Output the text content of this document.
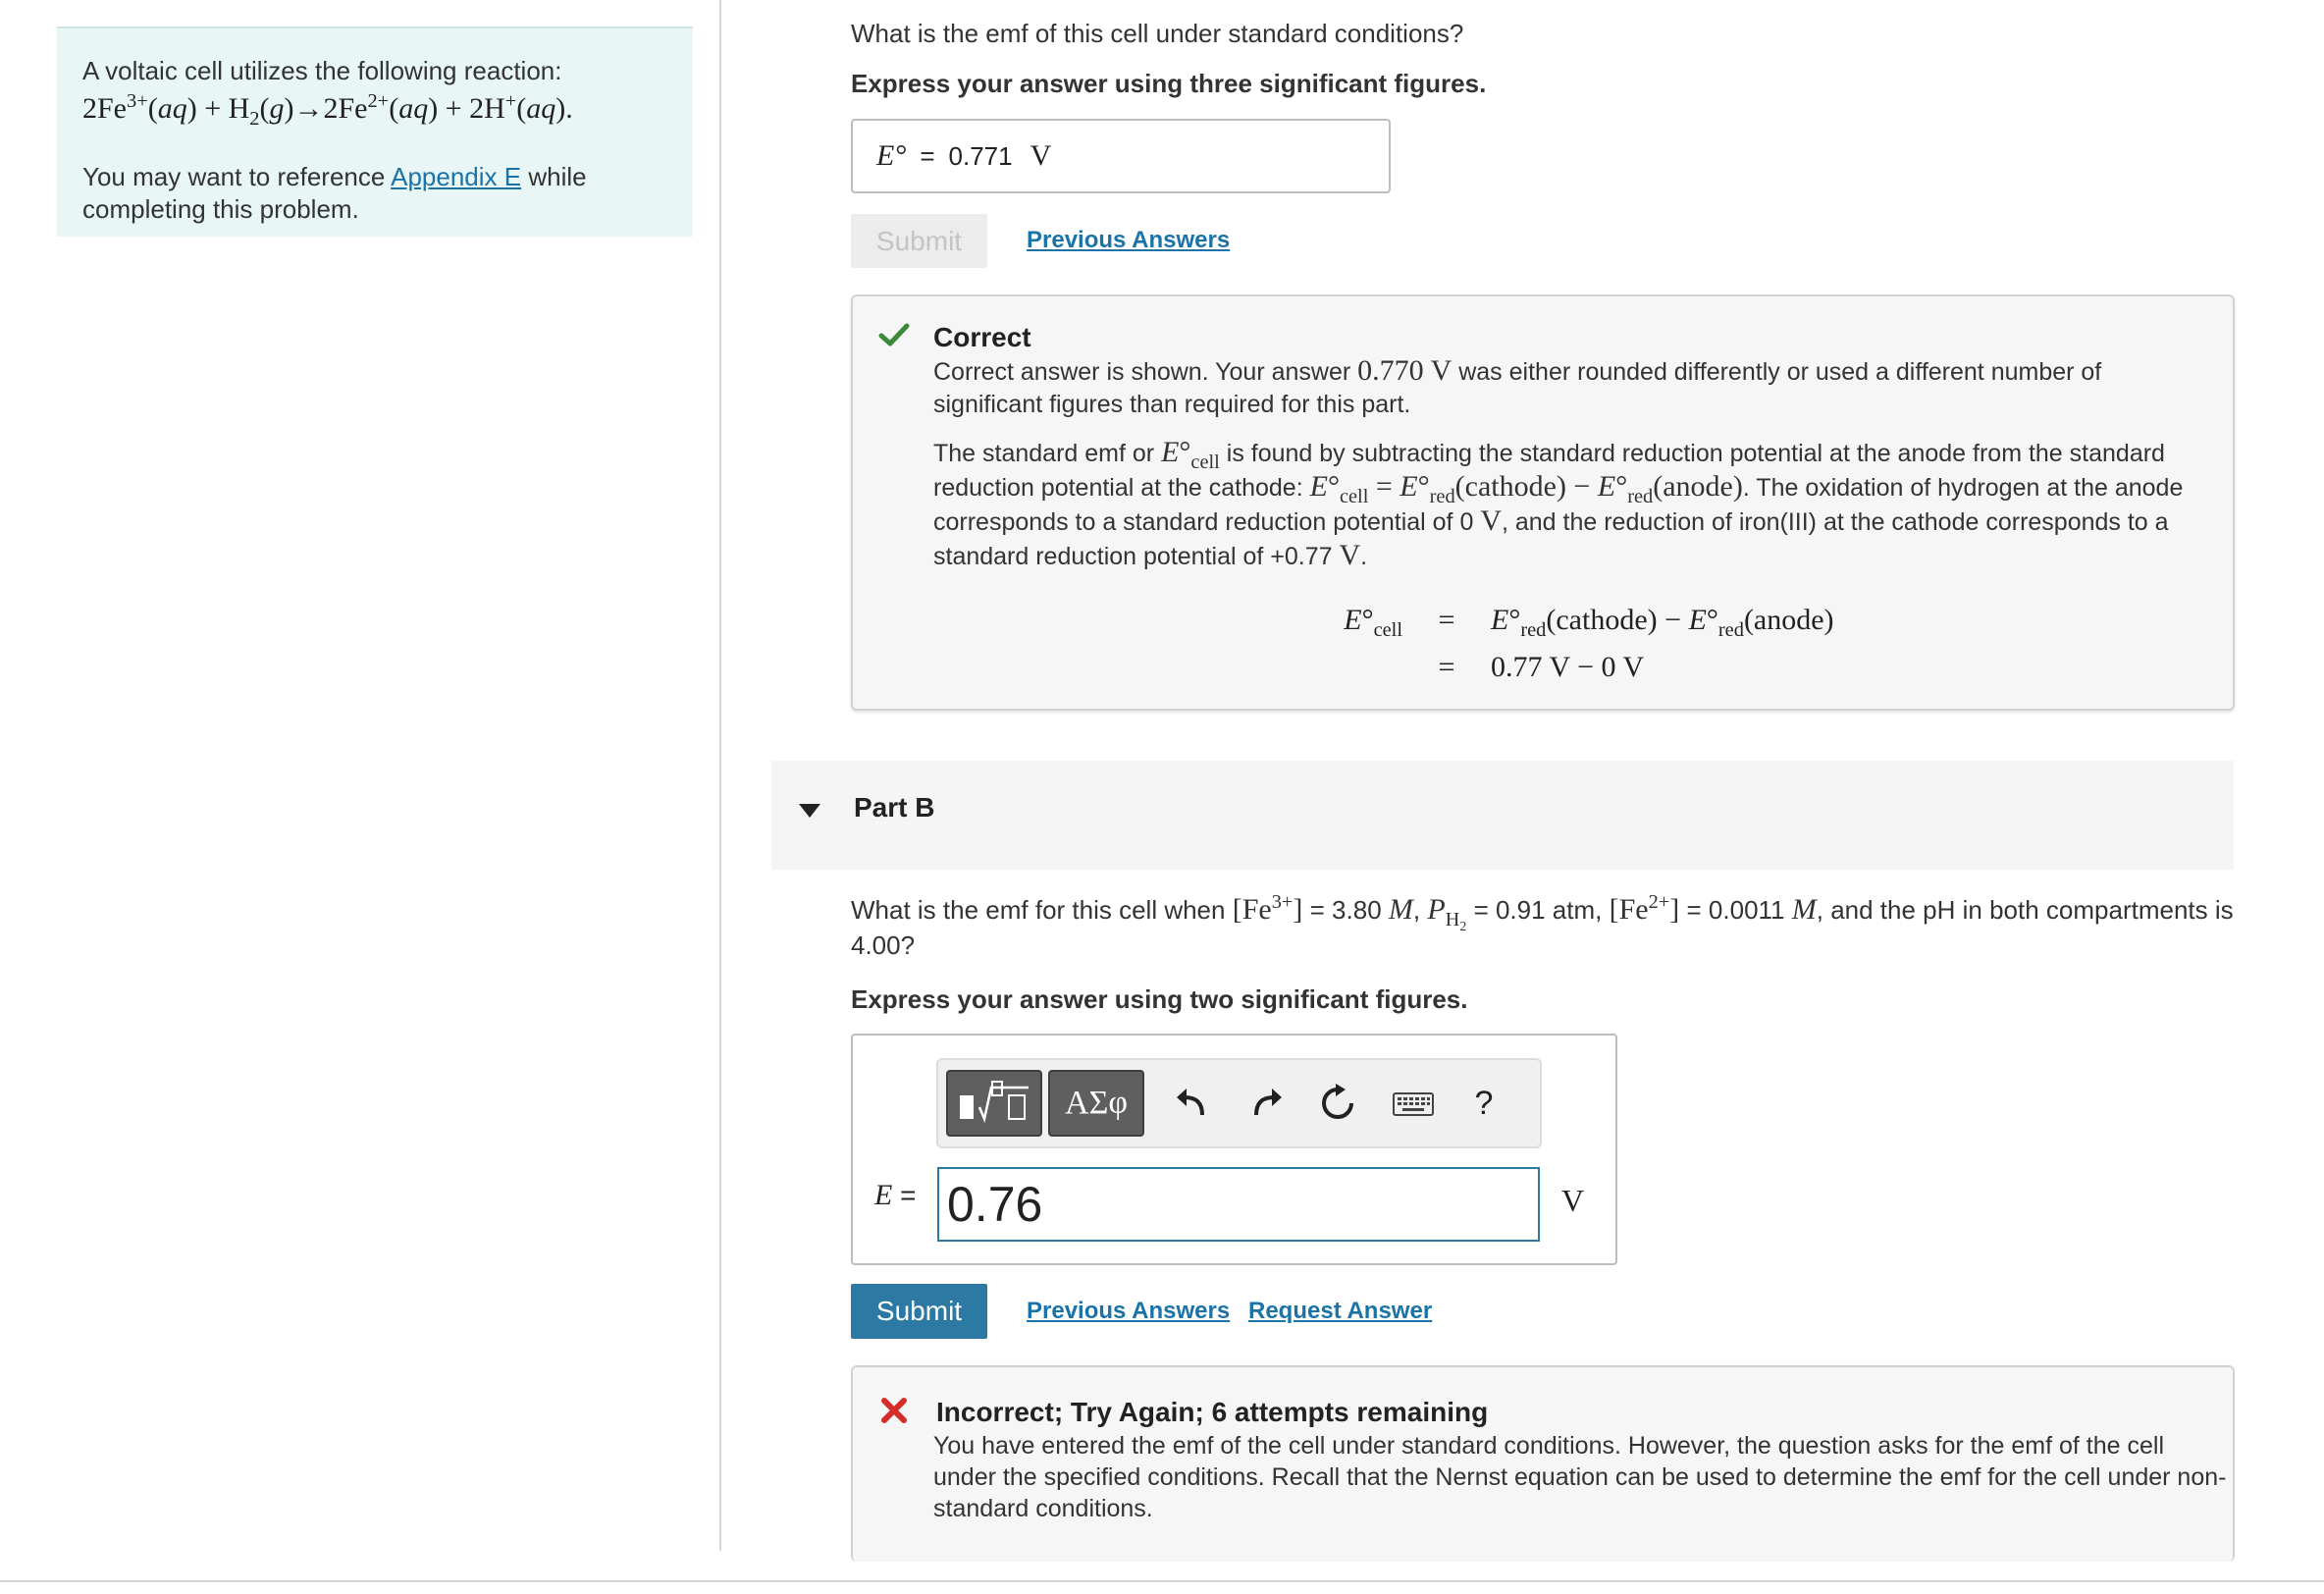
A voltaic cell utilizes the following reaction:
$2Fe^{3+}(aq) + H_2(g)\to 2Fe^{2+}(aq) + 2H^+(aq)$.
You may want to reference Appendix E while completing this problem.
What is the emf of this cell under standard conditions?
Express your answer using three significant figures.
E° = 0.771 V
Submit	Previous Answers
Correct
Correct answer is shown. Your answer 0.770 V was either rounded differently or used a different number of significant figures than required for this part.
The standard emf or $E^\circ_{cell}$ is found by subtracting the standard reduction potential at the anode from the standard reduction potential at the cathode: $E^\circ_{cell}$ = $E^\circ_{red}(cathode)$ − $E^\circ_{red}(anode)$. The oxidation of hydrogen at the anode corresponds to a standard reduction potential of 0 V, and the reduction of iron(III) at the cathode corresponds to a standard reduction potential of +0.77 V.
$E^\circ_{cell}$	=	$E^\circ_{red}(cathode)$ − $E^\circ_{red}(anode)$
=	0.77 V − 0 V
Part B
What is the emf for this cell when $[Fe^{3+}] = 3.80$ M, $P_{H_2} = 0.91$ atm, $[Fe^{2+}] = 0.0011$ M, and the pH in both compartments is 4.00?
Express your answer using two significant figures.
ΑΣφ	?
E = 0.76	V
Submit	Previous Answers Request Answer
Incorrect; Try Again; 6 attempts remaining
You have entered the emf of the cell under standard conditions. However, the question asks for the emf of the cell under the specified conditions. Recall that the Nernst equation can be used to determine the emf for the cell under non-standard conditions.
